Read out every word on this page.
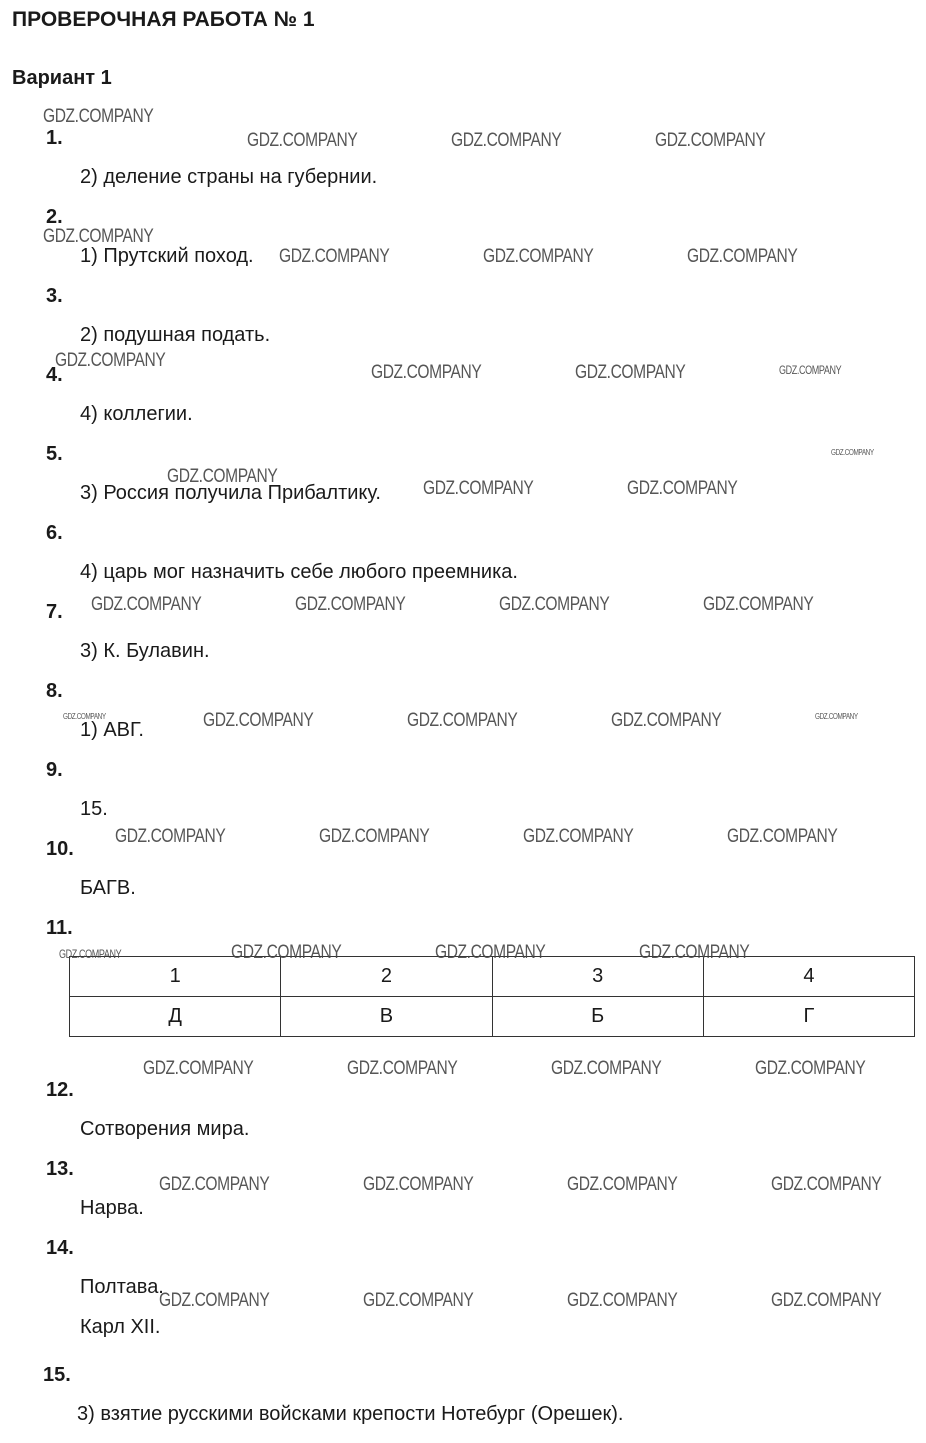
ПРОВЕРОЧНАЯ РАБОТА № 1
Вариант 1
1.
2) деление страны на губернии.
2.
1) Прутский поход.
3.
2) подушная подать.
4.
4) коллегии.
5.
3) Россия получила Прибалтику.
6.
4) царь мог назначить себе любого преемника.
7.
3) К. Булавин.
8.
1) АВГ.
9.
15.
10.
БАГВ.
11.
1	2	3	4
Д	В	Б	Г
12.
Сотворения мира.
13.
Нарва.
14.
Полтава.
Карл XII.
15.
3) взятие русскими войсками крепости Нотебург (Орешек).
GDZ.COMPANY
GDZ.COMPANY	GDZ.COMPANY	GDZ.COMPANY
GDZ.COMPANY
GDZ.COMPANY	GDZ.COMPANY	GDZ.COMPANY
GDZ.COMPANY
GDZ.COMPANY	GDZ.COMPANY	GDZ.COMPANY
GDZ.COMPANY
GDZ.COMPANY
GDZ.COMPANY	GDZ.COMPANY
GDZ.COMPANY	GDZ.COMPANY	GDZ.COMPANY	GDZ.COMPANY
GDZ.COMPANY	GDZ.COMPANY	GDZ.COMPANY	GDZ.COMPANY	GDZ.COMPANY
GDZ.COMPANY	GDZ.COMPANY	GDZ.COMPANY	GDZ.COMPANY
GDZ.COMPANY	GDZ.COMPANY	GDZ.COMPANY	GDZ.COMPANY
GDZ.COMPANY	GDZ.COMPANY	GDZ.COMPANY	GDZ.COMPANY
GDZ.COMPANY	GDZ.COMPANY	GDZ.COMPANY	GDZ.COMPANY
GDZ.COMPANY	GDZ.COMPANY	GDZ.COMPANY	GDZ.COMPANY
